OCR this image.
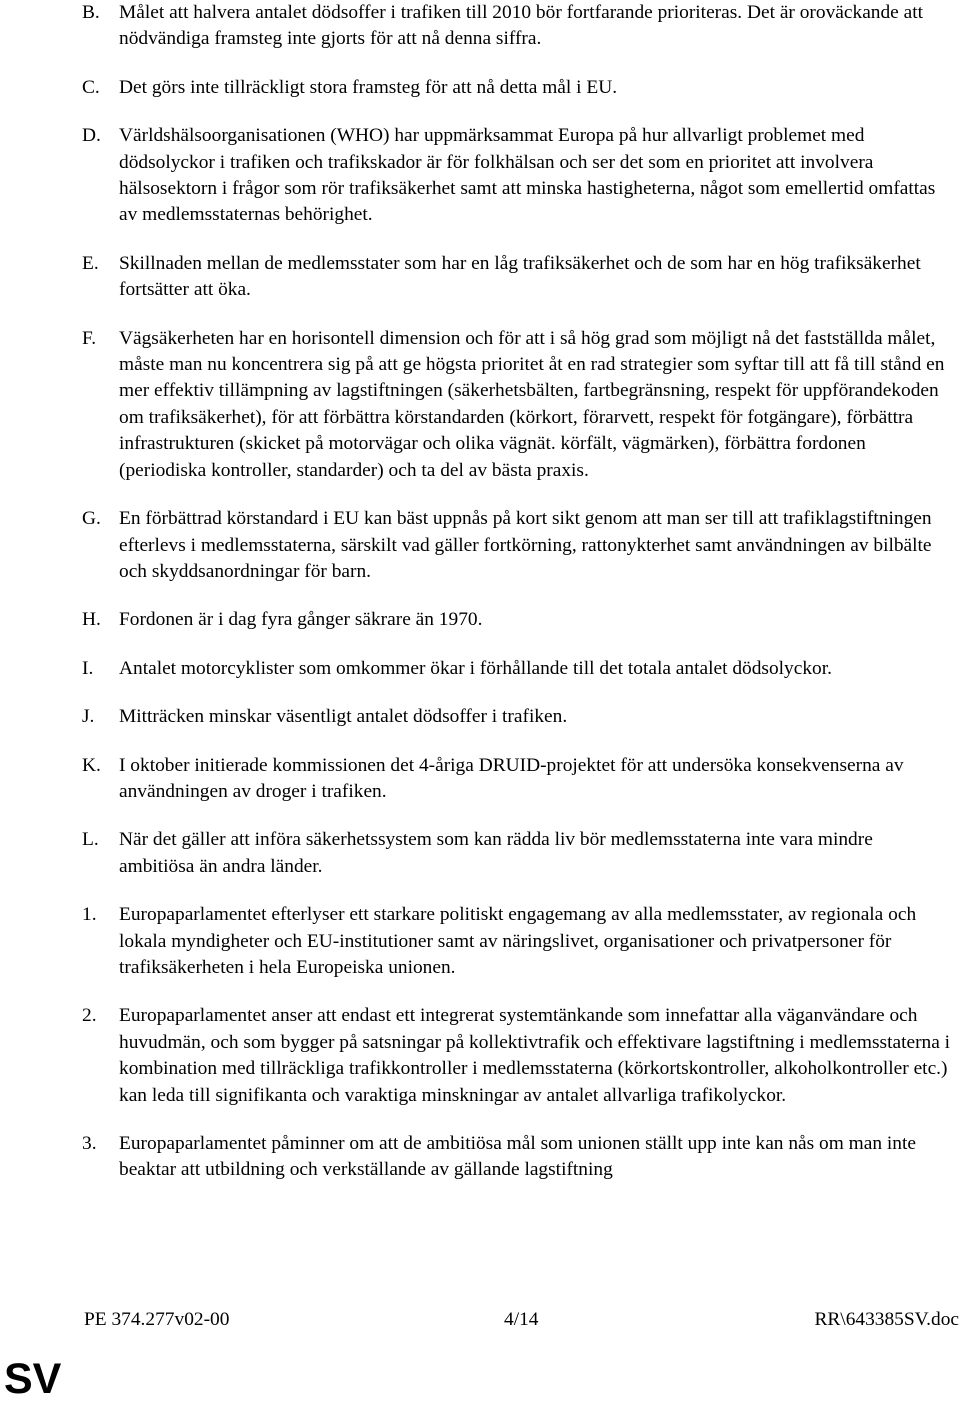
B. Målet att halvera antalet dödsoffer i trafiken till 2010 bör fortfarande prioriteras. Det är oroväckande att nödvändiga framsteg inte gjorts för att nå denna siffra.
C. Det görs inte tillräckligt stora framsteg för att nå detta mål i EU.
D. Världshälsoorganisationen (WHO) har uppmärksammat Europa på hur allvarligt problemet med dödsolyckor i trafiken och trafikskador är för folkhälsan och ser det som en prioritet att involvera hälsosektorn i frågor som rör trafiksäkerhet samt att minska hastigheterna, något som emellertid omfattas av medlemsstaternas behörighet.
E.	Skillnaden mellan de medlemsstater som har en låg trafiksäkerhet och de som har en hög trafiksäkerhet fortsätter att öka.
F.	Vägsäkerheten har en horisontell dimension och för att i så hög grad som möjligt nå det fastställda målet, måste man nu koncentrera sig på att ge högsta prioritet åt en rad strategier som syftar till att få till stånd en mer effektiv tillämpning av lagstiftningen (säkerhetsbälten, fartbegränsning, respekt för uppförandekoden om trafiksäkerhet), för att förbättra körstandarden (körkort, förarvett, respekt för fotgängare), förbättra infrastrukturen (skicket på motorvägar och olika vägnät. körfält, vägmärken), förbättra fordonen (periodiska kontroller, standarder) och ta del av bästa praxis.
G. En förbättrad körstandard i EU kan bäst uppnås på kort sikt genom att man ser till att trafiklagstiftningen efterlevs i medlemsstaterna, särskilt vad gäller fortkörning, rattonykterhet samt användningen av bilbälte och skyddsanordningar för barn.
H. Fordonen är i dag fyra gånger säkrare än 1970.
I.	Antalet motorcyklister som omkommer ökar i förhållande till det totala antalet dödsolyckor.
J.	Mitträcken minskar väsentligt antalet dödsoffer i trafiken.
K. I oktober initierade kommissionen det 4-åriga DRUID-projektet för att undersöka konsekvenserna av användningen av droger i trafiken.
L.	När det gäller att införa säkerhetssystem som kan rädda liv bör medlemsstaterna inte vara mindre ambitiösa än andra länder.
1.	Europaparlamentet efterlyser ett starkare politiskt engagemang av alla medlemsstater, av regionala och lokala myndigheter och EU-institutioner samt av näringslivet, organisationer och privatpersoner för trafiksäkerheten i hela Europeiska unionen.
2.	Europaparlamentet anser att endast ett integrerat systemtänkande som innefattar alla väganvändare och huvudmän, och som bygger på satsningar på kollektivtrafik och effektivare lagstiftning i medlemsstaterna i kombination med tillräckliga trafikkontroller i medlemsstaterna (körkortskontroller, alkoholkontroller etc.) kan leda till signifikanta och varaktiga minskningar av antalet allvarliga trafikolyckor.
3.	Europaparlamentet påminner om att de ambitiösa mål som unionen ställt upp inte kan nås om man inte beaktar att utbildning och verkställande av gällande lagstiftning
PE 374.277v02-00	4/14	RR\643385SV.doc
SV
